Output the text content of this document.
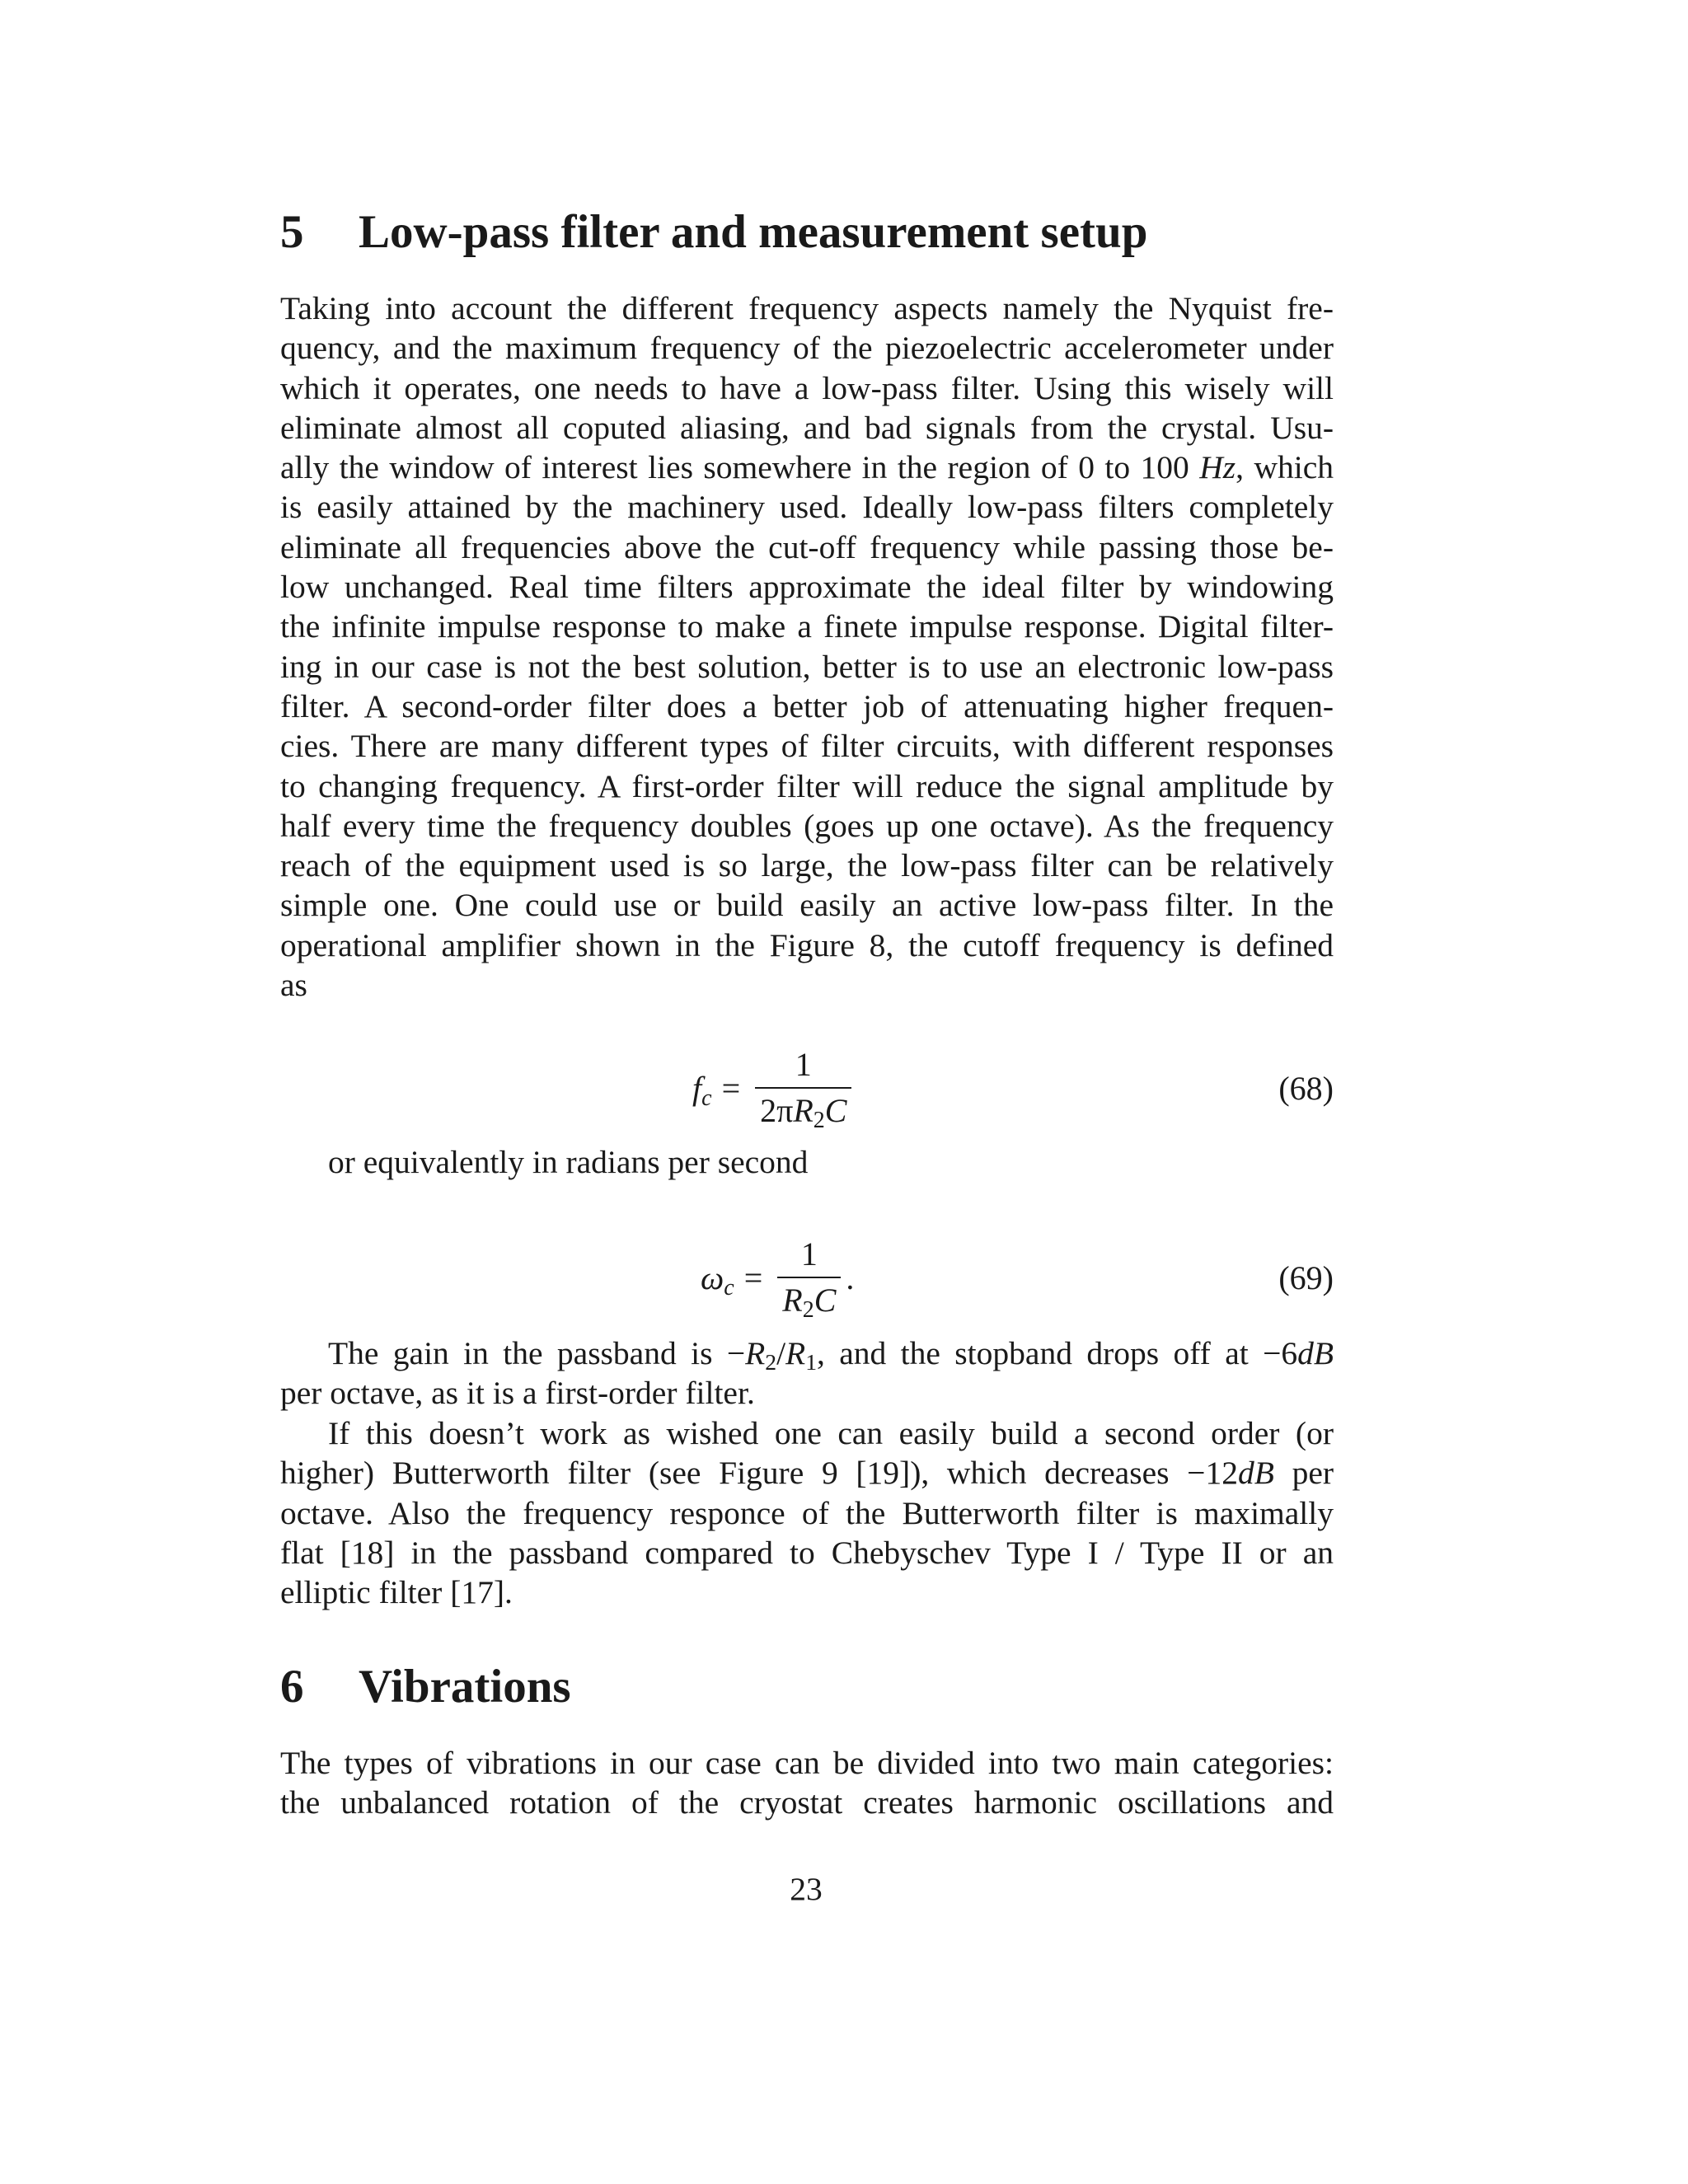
5 Low-pass filter and measurement setup
Taking into account the different frequency aspects namely the Nyquist fre-
quency, and the maximum frequency of the piezoelectric accelerometer under
which it operates, one needs to have a low-pass filter. Using this wisely will
eliminate almost all coputed aliasing, and bad signals from the crystal. Usu-
ally the window of interest lies somewhere in the region of 0 to 100 Hz, which
is easily attained by the machinery used. Ideally low-pass filters completely
eliminate all frequencies above the cut-off frequency while passing those be-
low unchanged. Real time filters approximate the ideal filter by windowing
the infinite impulse response to make a finete impulse response. Digital filter-
ing in our case is not the best solution, better is to use an electronic low-pass
filter. A second-order filter does a better job of attenuating higher frequen-
cies. There are many different types of filter circuits, with different responses
to changing frequency. A first-order filter will reduce the signal amplitude by
half every time the frequency doubles (goes up one octave). As the frequency
reach of the equipment used is so large, the low-pass filter can be relatively
simple one. One could use or build easily an active low-pass filter. In the
operational amplifier shown in the Figure 8, the cutoff frequency is defined
as
$f_c = \frac{1}{2\pi R_2C}$	(68)

or equivalently in radians per second

$\omega_c = \frac{1}{R_2C}$ .	(69)
The gain in the passband is $-R_2/R_1$, and the stopband drops off at −6dB
per octave, as it is a first-order filter.
If this doesn’t work as wished one can easily build a second order (or
higher) Butterworth filter (see Figure 9 [19]), which decreases −12dB per
octave. Also the frequency responce of the Butterworth filter is maximally
flat [18] in the passband compared to Chebyschev Type I / Type II or an
elliptic filter [17].
6 Vibrations
The types of vibrations in our case can be divided into two main categories:
the unbalanced rotation of the cryostat creates harmonic oscillations and
23
